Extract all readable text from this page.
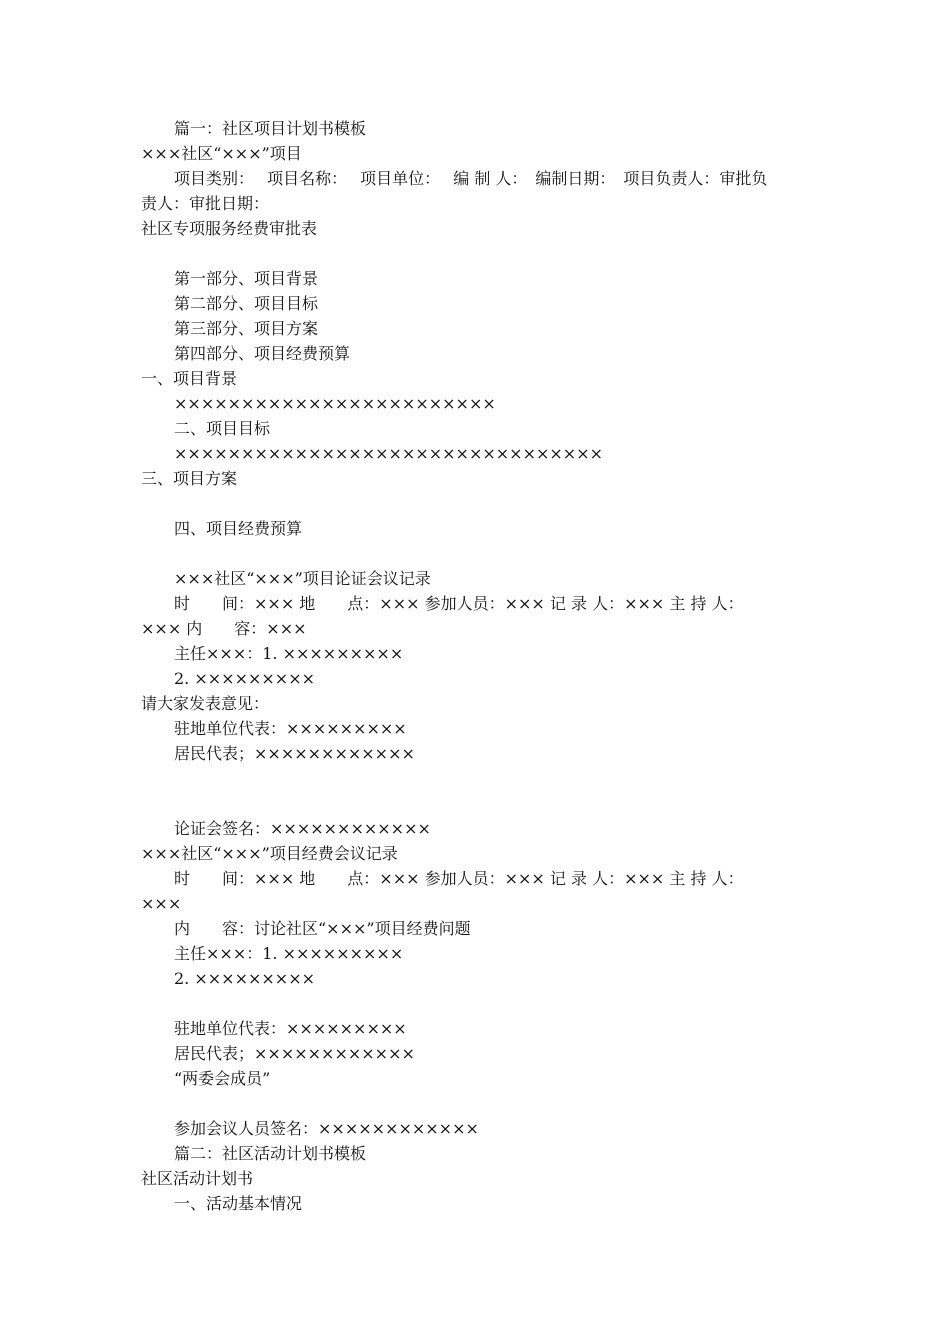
篇一：社区项目计划书模板

×××社区“×××”项目

项目类别：　 项目名称：　 项目单位：　 编 制 人：　编制日期：　项目负责人：审批负

责人：审批日期：

社区专项服务经费审批表

第一部分、项目背景

第二部分、项目目标

第三部分、项目方案

第四部分、项目经费预算

一、项目背景

××××××××××××××××××××××××

二、项目目标

××××××××××××××××××××××××××××××××

三、项目方案

四、项目经费预算

×××社区“×××”项目论证会议记录

时　　间：××× 地　　点：××× 参加人员：××× 记 录 人：××× 主 持 人：

××× 内　　容：×××

主任×××：1. ×××××××××

2. ×××××××××

请大家发表意见：

驻地单位代表：×××××××××

居民代表；××××××××××××

论证会签名：××××××××××××

×××社区“×××”项目经费会议记录

时　　间：××× 地　　点：××× 参加人员：××× 记 录 人：××× 主 持 人：

×××

内　　容：讨论社区“×××”项目经费问题

主任×××：1. ×××××××××

2. ×××××××××

驻地单位代表：×××××××××

居民代表；××××××××××××

“两委会成员”

参加会议人员签名：××××××××××××

篇二：社区活动计划书模板

社区活动计划书

一、活动基本情况
